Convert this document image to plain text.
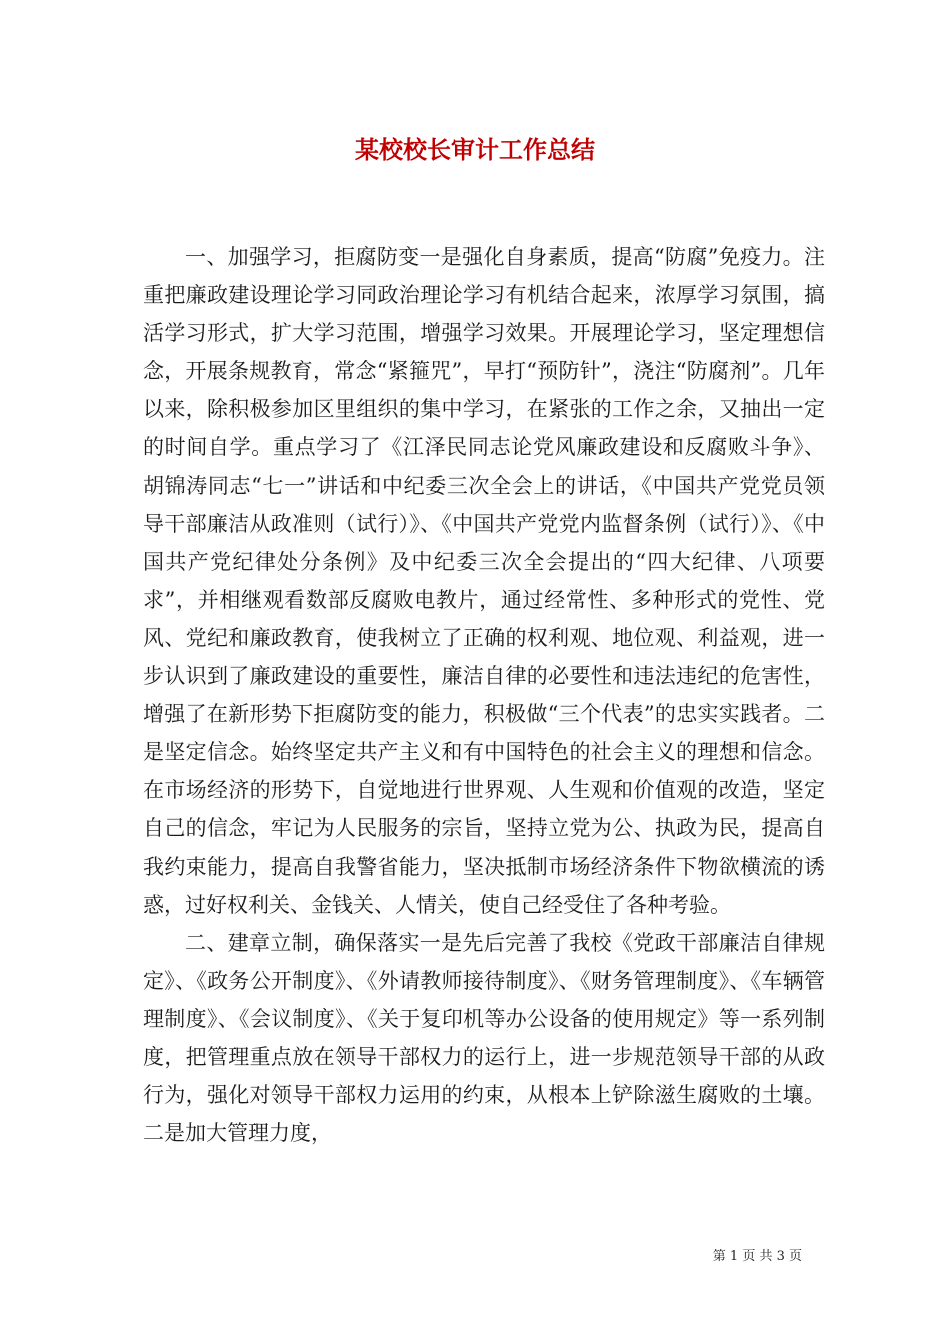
某校校长审计工作总结

一、加强学习，拒腐防变一是强化自身素质，提高“防腐”免疫力。注重把廉政建设理论学习同政治理论学习有机结合起来，浓厚学习氛围，搞活学习形式，扩大学习范围，增强学习效果。开展理论学习，坚定理想信念，开展条规教育，常念“紧箍咒”，早打“预防针”，浇注“防腐剂”。几年以来，除积极参加区里组织的集中学习，在紧张的工作之余，又抽出一定的时间自学。重点学习了《江泽民同志论党风廉政建设和反腐败斗争》、胡锦涛同志“七一”讲话和中纪委三次全会上的讲话，《中国共产党党员领导干部廉洁从政准则（试行）》、《中国共产党党内监督条例（试行）》、《中国共产党纪律处分条例》及中纪委三次全会提出的“四大纪律、八项要求”，并相继观看数部反腐败电教片，通过经常性、多种形式的党性、党风、党纪和廉政教育，使我树立了正确的权利观、地位观、利益观，进一步认识到了廉政建设的重要性，廉洁自律的必要性和违法违纪的危害性，增强了在新形势下拒腐防变的能力，积极做“三个代表”的忠实实践者。二是坚定信念。始终坚定共产主义和有中国特色的社会主义的理想和信念。在市场经济的形势下，自觉地进行世界观、人生观和价值观的改造，坚定自己的信念，牢记为人民服务的宗旨，坚持立党为公、执政为民，提高自我约束能力，提高自我警省能力，坚决抵制市场经济条件下物欲横流的诱惑，过好权利关、金钱关、人情关，使自己经受住了各种考验。

二、建章立制，确保落实一是先后完善了我校《党政干部廉洁自律规定》、《政务公开制度》、《外请教师接待制度》、《财务管理制度》、《车辆管理制度》、《会议制度》、《关于复印机等办公设备的使用规定》等一系列制度，把管理重点放在领导干部权力的运行上，进一步规范领导干部的从政行为，强化对领导干部权力运用的约束，从根本上铲除滋生腐败的土壤。二是加大管理力度，

第 1 页 共 3 页
